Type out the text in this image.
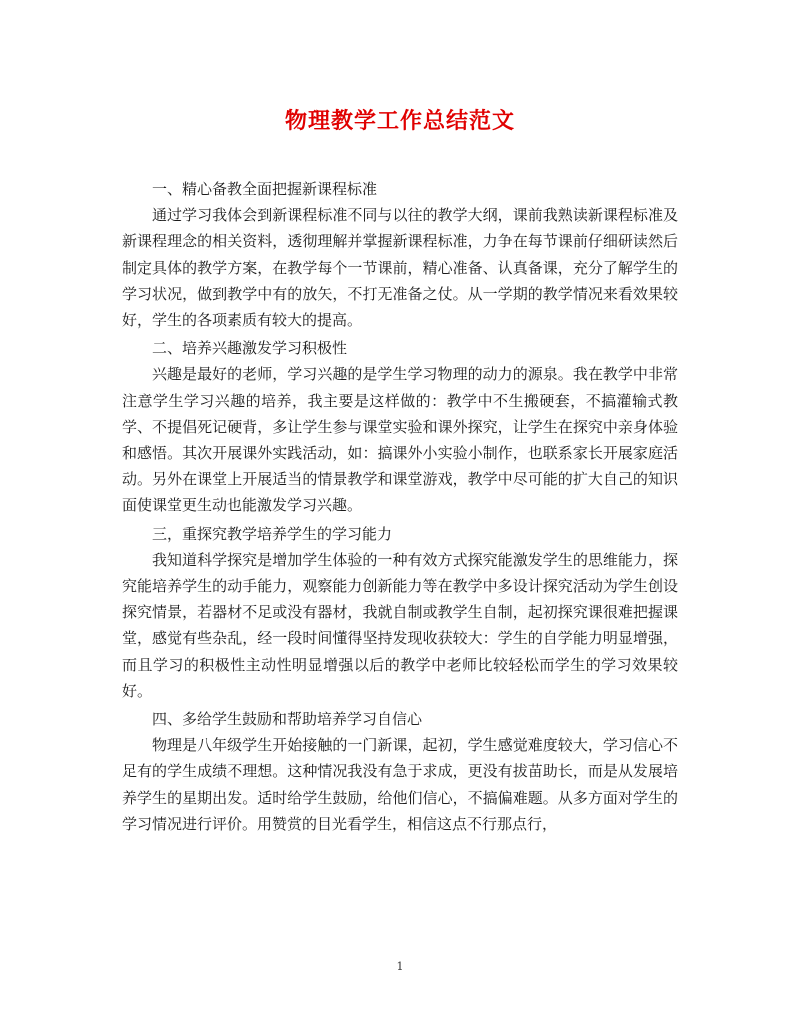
物理教学工作总结范文

一、精心备教全面把握新课程标准

通过学习我体会到新课程标准不同与以往的教学大纲，课前我熟读新课程标准及新课程理念的相关资料，透彻理解并掌握新课程标准，力争在每节课前仔细研读然后制定具体的教学方案，在教学每个一节课前，精心准备、认真备课，充分了解学生的学习状况，做到教学中有的放矢，不打无准备之仗。从一学期的教学情况来看效果较好，学生的各项素质有较大的提高。

二、培养兴趣激发学习积极性

兴趣是最好的老师，学习兴趣的是学生学习物理的动力的源泉。我在教学中非常注意学生学习兴趣的培养，我主要是这样做的：教学中不生搬硬套，不搞灌输式教学、不提倡死记硬背，多让学生参与课堂实验和课外探究，让学生在探究中亲身体验和感悟。其次开展课外实践活动，如：搞课外小实验小制作，也联系家长开展家庭活动。另外在课堂上开展适当的情景教学和课堂游戏，教学中尽可能的扩大自己的知识面使课堂更生动也能激发学习兴趣。

三，重探究教学培养学生的学习能力

我知道科学探究是增加学生体验的一种有效方式探究能激发学生的思维能力，探究能培养学生的动手能力，观察能力创新能力等在教学中多设计探究活动为学生创设探究情景，若器材不足或没有器材，我就自制或教学生自制，起初探究课很难把握课堂，感觉有些杂乱，经一段时间懂得坚持发现收获较大：学生的自学能力明显增强，而且学习的积极性主动性明显增强以后的教学中老师比较轻松而学生的学习效果较好。

四、多给学生鼓励和帮助培养学习自信心

物理是八年级学生开始接触的一门新课，起初，学生感觉难度较大，学习信心不足有的学生成绩不理想。这种情况我没有急于求成，更没有拔苗助长，而是从发展培养学生的星期出发。适时给学生鼓励，给他们信心，不搞偏难题。从多方面对学生的学习情况进行评价。用赞赏的目光看学生，相信这点不行那点行，

1
